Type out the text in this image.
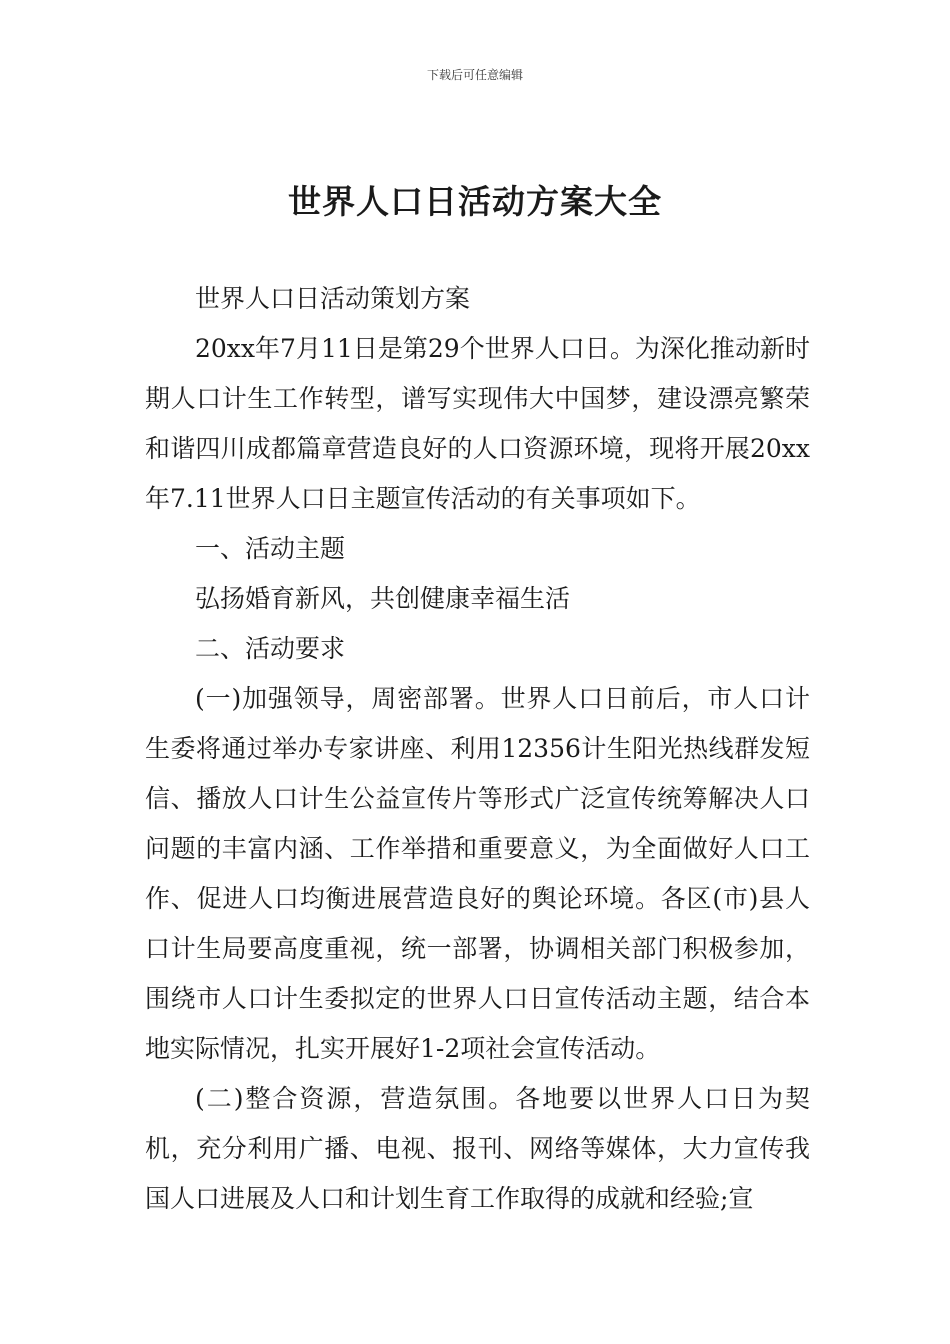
下载后可任意编辑
世界人口日活动方案大全

世界人口日活动策划方案

20xx年7月11日是第29个世界人口日。为深化推动新时期人口计生工作转型，谱写实现伟大中国梦，建设漂亮繁荣和谐四川成都篇章营造良好的人口资源环境，现将开展20xx年7.11世界人口日主题宣传活动的有关事项如下。

一、活动主题

弘扬婚育新风，共创健康幸福生活

二、活动要求

(一)加强领导，周密部署。世界人口日前后，市人口计生委将通过举办专家讲座、利用12356计生阳光热线群发短信、播放人口计生公益宣传片等形式广泛宣传统筹解决人口问题的丰富内涵、工作举措和重要意义，为全面做好人口工作、促进人口均衡进展营造良好的舆论环境。各区(市)县人口计生局要高度重视，统一部署，协调相关部门积极参加，围绕市人口计生委拟定的世界人口日宣传活动主题，结合本地实际情况，扎实开展好1-2项社会宣传活动。

(二)整合资源，营造氛围。各地要以世界人口日为契机，充分利用广播、电视、报刊、网络等媒体，大力宣传我国人口进展及人口和计划生育工作取得的成就和经验;宣
